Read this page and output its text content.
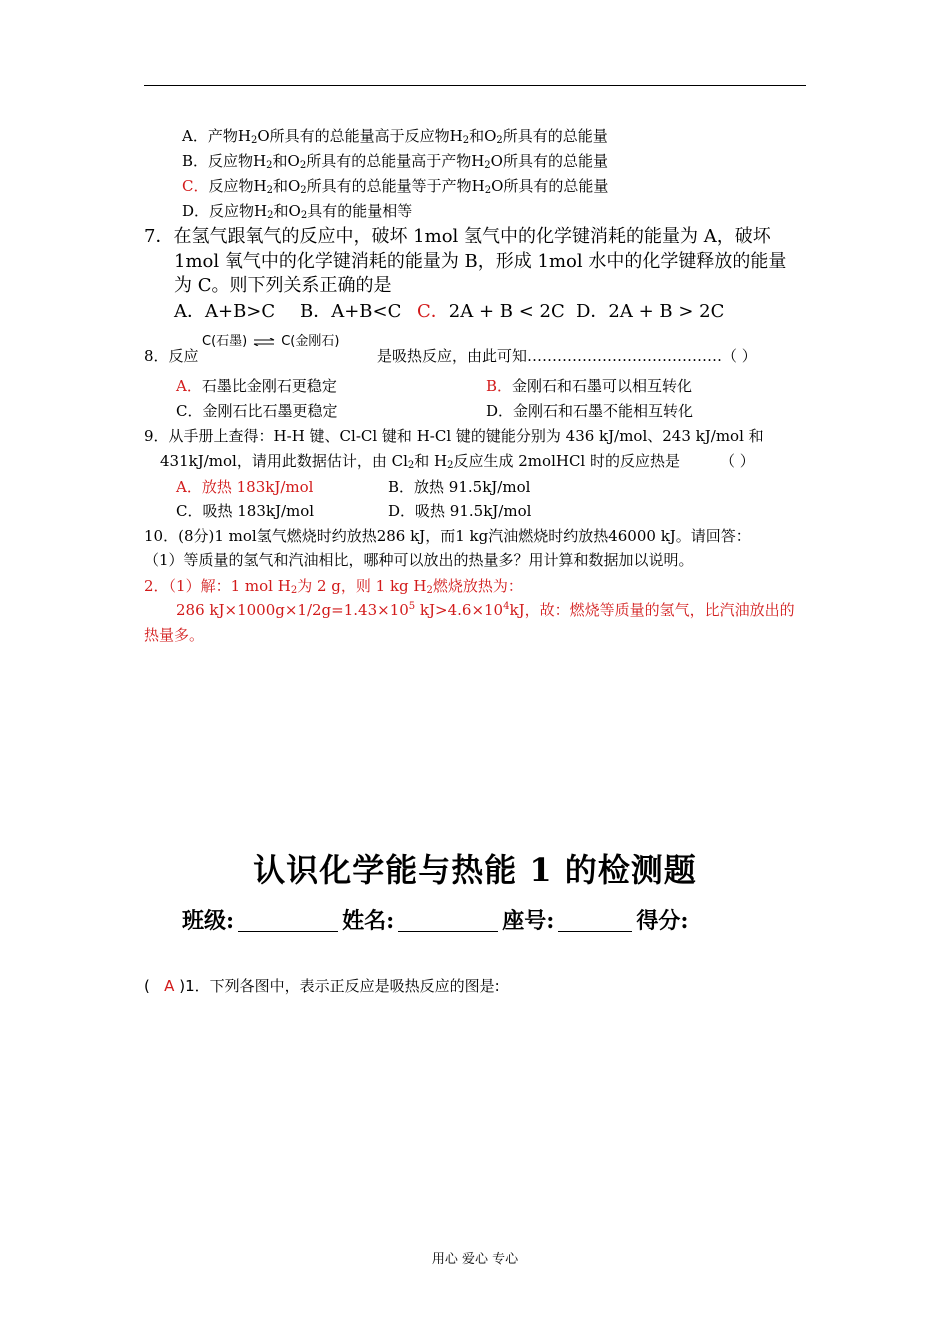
A．产物$H_2O$所具有的总能量高于反应物$H_2$和$O_2$所具有的总能量
B．反应物$H_2$和$O_2$所具有的总能量高于产物$H_2O$所具有的总能量
C．反应物$H_2$和$O_2$所具有的总能量等于产物$H_2O$所具有的总能量
D．反应物$H_2$和$O_2$具有的能量相等
7．在氢气跟氧气的反应中，破坏 1mol 氢气中的化学键消耗的能量为 A，破坏
1mol 氧气中的化学键消耗的能量为 B，形成 1mol 水中的化学键释放的能量
为 C。则下列关系正确的是
A．A+B>C B．A+B<C C．2A + B < 2C D．2A + B > 2C
8．反应
C(石墨) ⇌ C(金刚石)
是吸热反应，由此可知…………………………………（ ）
A．石墨比金刚石更稳定	B．金刚石和石墨可以相互转化
C．金刚石比石墨更稳定	D．金刚石和石墨不能相互转化
9．从手册上查得：H-H 键、Cl-Cl 键和 H-Cl 键的键能分别为 436 kJ/mol、243 kJ/mol 和
431kJ/mol，请用此数据估计，由 $Cl_2$和 $H_2$反应生成 2molHCl 时的反应热是	（ ）
A．放热 183kJ/mol	B．放热 91.5kJ/mol
C．吸热 183kJ/mol	D．吸热 91.5kJ/mol
10．(8分)1 mol氢气燃烧时约放热286 kJ，而1 kg汽油燃烧时约放热46000 kJ。请回答：
（1）等质量的氢气和汽油相比，哪种可以放出的热量多？用计算和数据加以说明。
2．（1）解：1 mol $H_2$为 2 g，则 1 kg $H_2$燃烧放热为：
286 $kJ\times 1000g\times 1/2g=1.43\times 10^5$ $kJ>4.6\times 10^4kJ$，故：燃烧等质量的氢气，比汽油放出的
热量多。
认识化学能与热能 1 的检测题
班级:	姓名:	座号:	得分:
( A )1．下列各图中，表示正反应是吸热反应的图是:
用心 爱心 专心
